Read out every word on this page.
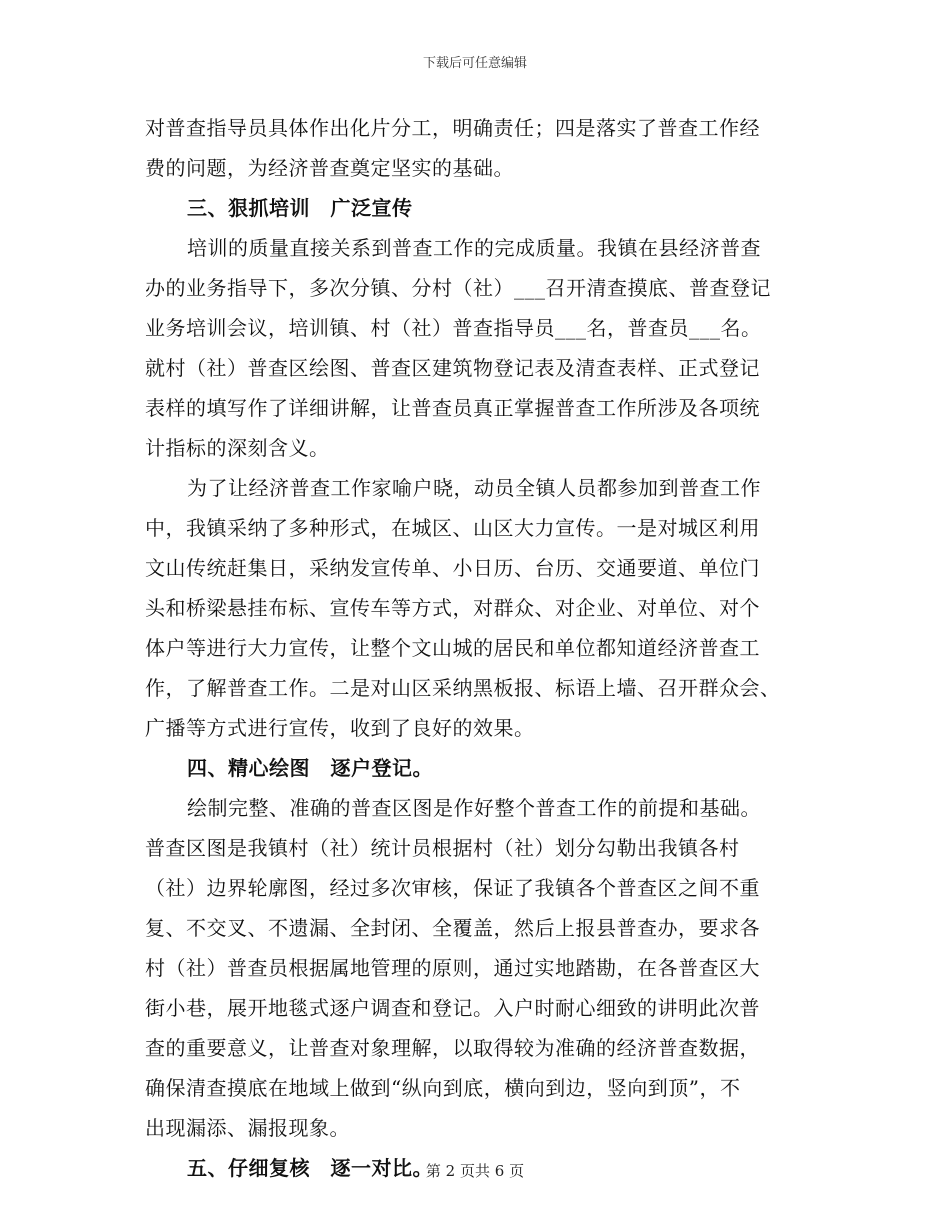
下载后可任意编辑
对普查指导员具体作出化片分工，明确责任；四是落实了普查工作经
费的问题，为经济普查奠定坚实的基础。
三、狠抓培训　广泛宣传
培训的质量直接关系到普查工作的完成质量。我镇在县经济普查
办的业务指导下，多次分镇、分村（社）___召开清查摸底、普查登记
业务培训会议，培训镇、村（社）普查指导员___名，普查员___名。
就村（社）普查区绘图、普查区建筑物登记表及清查表样、正式登记
表样的填写作了详细讲解，让普查员真正掌握普查工作所涉及各项统
计指标的深刻含义。
为了让经济普查工作家喻户晓，动员全镇人员都参加到普查工作
中，我镇采纳了多种形式，在城区、山区大力宣传。一是对城区利用
文山传统赶集日，采纳发宣传单、小日历、台历、交通要道、单位门
头和桥梁悬挂布标、宣传车等方式，对群众、对企业、对单位、对个
体户等进行大力宣传，让整个文山城的居民和单位都知道经济普查工
作，了解普查工作。二是对山区采纳黑板报、标语上墙、召开群众会、
广播等方式进行宣传，收到了良好的效果。
四、精心绘图　逐户登记。
绘制完整、准确的普查区图是作好整个普查工作的前提和基础。
普查区图是我镇村（社）统计员根据村（社）划分勾勒出我镇各村
（社）边界轮廓图，经过多次审核，保证了我镇各个普查区之间不重
复、不交叉、不遗漏、全封闭、全覆盖，然后上报县普查办，要求各
村（社）普查员根据属地管理的原则，通过实地踏勘，在各普查区大
街小巷，展开地毯式逐户调查和登记。入户时耐心细致的讲明此次普
查的重要意义，让普查对象理解，以取得较为准确的经济普查数据，
确保清查摸底在地域上做到“纵向到底，横向到边，竖向到顶”，不
出现漏添、漏报现象。
五、仔细复核　逐一对比。
第 2 页共 6 页
